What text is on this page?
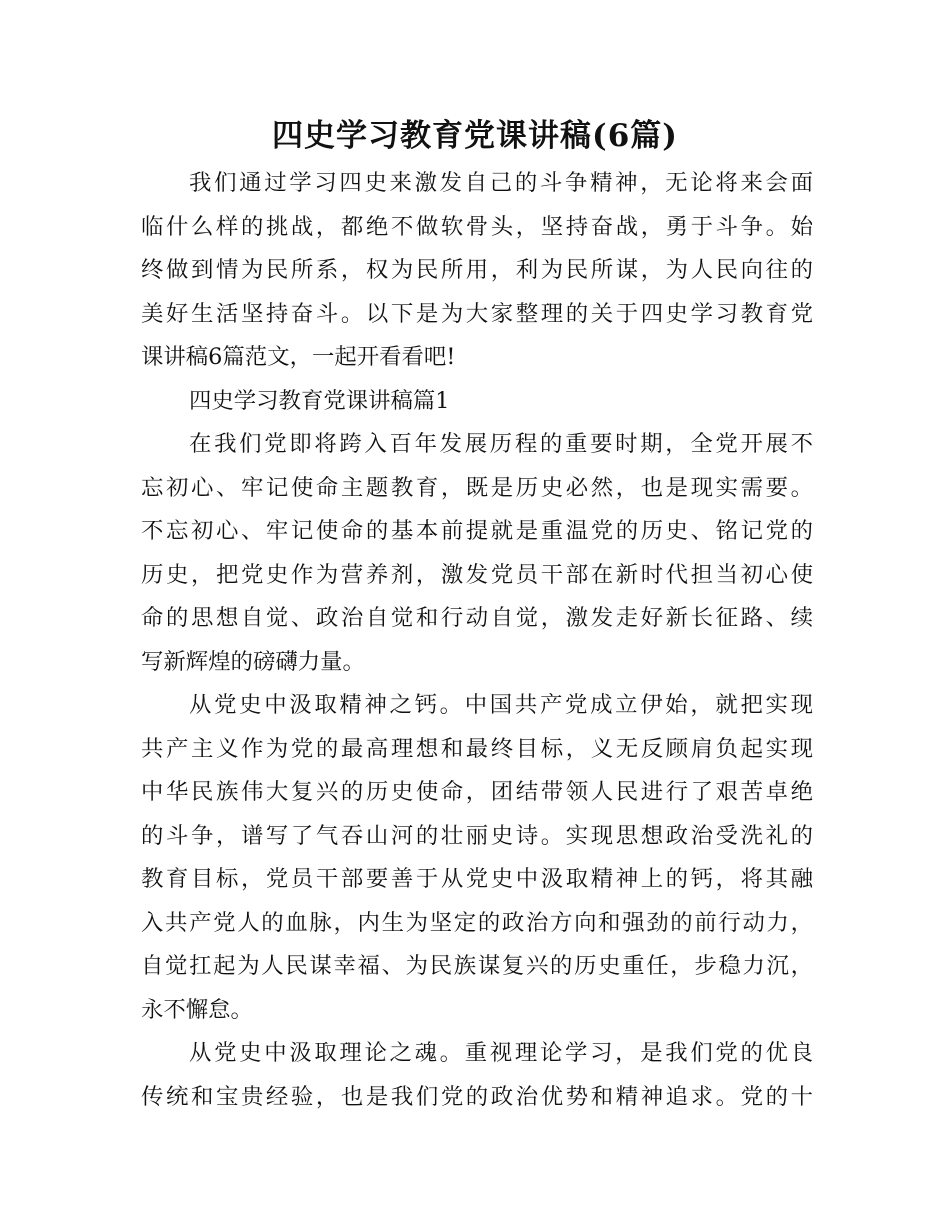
四史学习教育党课讲稿(6篇)
我们通过学习四史来激发自己的斗争精神，无论将来会面
临什么样的挑战，都绝不做软骨头，坚持奋战，勇于斗争。始
终做到情为民所系，权为民所用，利为民所谋，为人民向往的
美好生活坚持奋斗。以下是为大家整理的关于四史学习教育党
课讲稿6篇范文，一起开看看吧!
四史学习教育党课讲稿篇1
在我们党即将跨入百年发展历程的重要时期，全党开展不
忘初心、牢记使命主题教育，既是历史必然，也是现实需要。
不忘初心、牢记使命的基本前提就是重温党的历史、铭记党的
历史，把党史作为营养剂，激发党员干部在新时代担当初心使
命的思想自觉、政治自觉和行动自觉，激发走好新长征路、续
写新辉煌的磅礴力量。
从党史中汲取精神之钙。中国共产党成立伊始，就把实现
共产主义作为党的最高理想和最终目标，义无反顾肩负起实现
中华民族伟大复兴的历史使命，团结带领人民进行了艰苦卓绝
的斗争，谱写了气吞山河的壮丽史诗。实现思想政治受洗礼的
教育目标，党员干部要善于从党史中汲取精神上的钙，将其融
入共产党人的血脉，内生为坚定的政治方向和强劲的前行动力，
自觉扛起为人民谋幸福、为民族谋复兴的历史重任，步稳力沉，
永不懈怠。
从党史中汲取理论之魂。重视理论学习，是我们党的优良
传统和宝贵经验，也是我们党的政治优势和精神追求。党的十
